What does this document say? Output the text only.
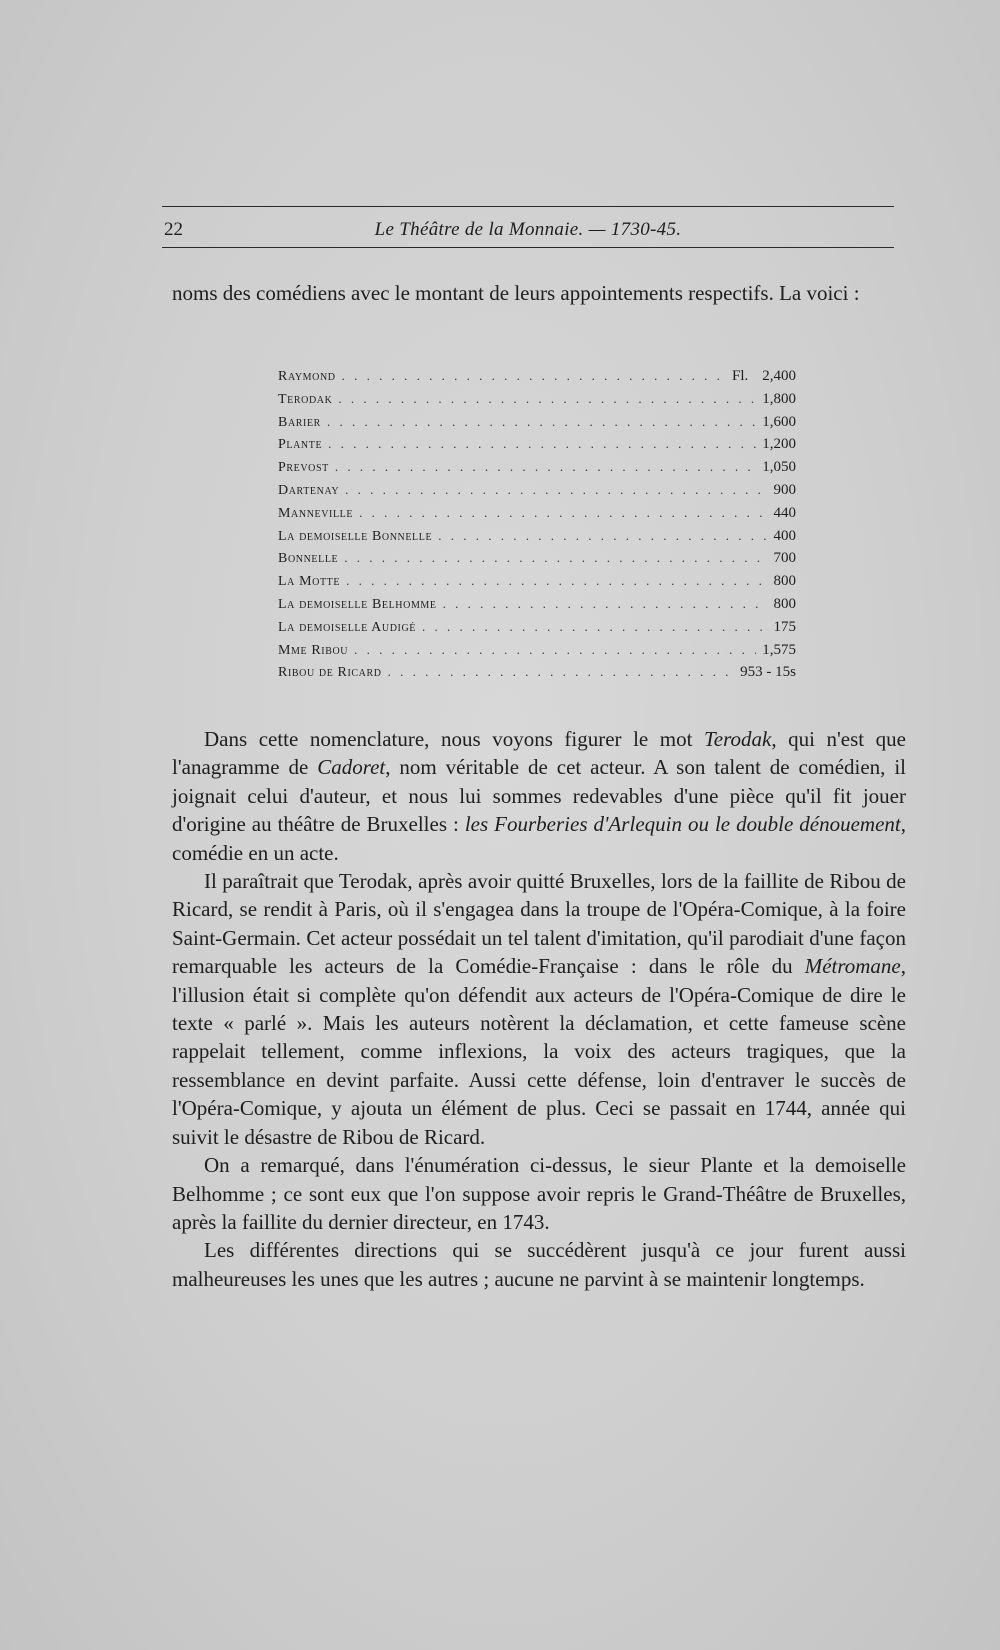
22	Le Théâtre de la Monnaie. — 1730-45.
noms des comédiens avec le montant de leurs appointements respectifs. La voici :
Raymond . . .	Fl. 2,400
Terodak . . .	1,800
Barier . . .	1,600
Plante . . .	1,200
Prevost . . .	1,050
Dartenay . . .	900
Manneville . . .	440
La demoiselle Bonnelle . . .	400
Bonnelle . . .	700
La Motte . . .	800
La demoiselle Belhomme . . .	800
La demoiselle Audigé . . .	175
Mme Ribou . . .	1,575
Ribou de Ricard . . .	953 - 15s

Dans cette nomenclature, nous voyons figurer le mot Terodak, qui n'est que l'anagramme de Cadoret, nom véritable de cet acteur. A son talent de comédien, il joignait celui d'auteur, et nous lui sommes redevables d'une pièce qu'il fit jouer d'origine au théâtre de Bruxelles : les Fourberies d'Arlequin ou le double dénouement, comédie en un acte.

Il paraîtrait que Terodak, après avoir quitté Bruxelles, lors de la faillite de Ribou de Ricard, se rendit à Paris, où il s'engagea dans la troupe de l'Opéra-Comique, à la foire Saint-Germain. Cet acteur possédait un tel talent d'imitation, qu'il parodiait d'une façon remarquable les acteurs de la Comédie-Française : dans le rôle du Métromane, l'illusion était si complète qu'on défendit aux acteurs de l'Opéra-Comique de dire le texte « parlé ». Mais les auteurs notèrent la déclamation, et cette fameuse scène rappelait tellement, comme inflexions, la voix des acteurs tragiques, que la ressemblance en devint parfaite. Aussi cette défense, loin d'entraver le succès de l'Opéra-Comique, y ajouta un élément de plus. Ceci se passait en 1744, année qui suivit le désastre de Ribou de Ricard.

On a remarqué, dans l'énumération ci-dessus, le sieur Plante et la demoiselle Belhomme ; ce sont eux que l'on suppose avoir repris le Grand-Théâtre de Bruxelles, après la faillite du dernier directeur, en 1743.

Les différentes directions qui se succédèrent jusqu'à ce jour furent aussi malheureuses les unes que les autres ; aucune ne parvint à se maintenir longtemps.
